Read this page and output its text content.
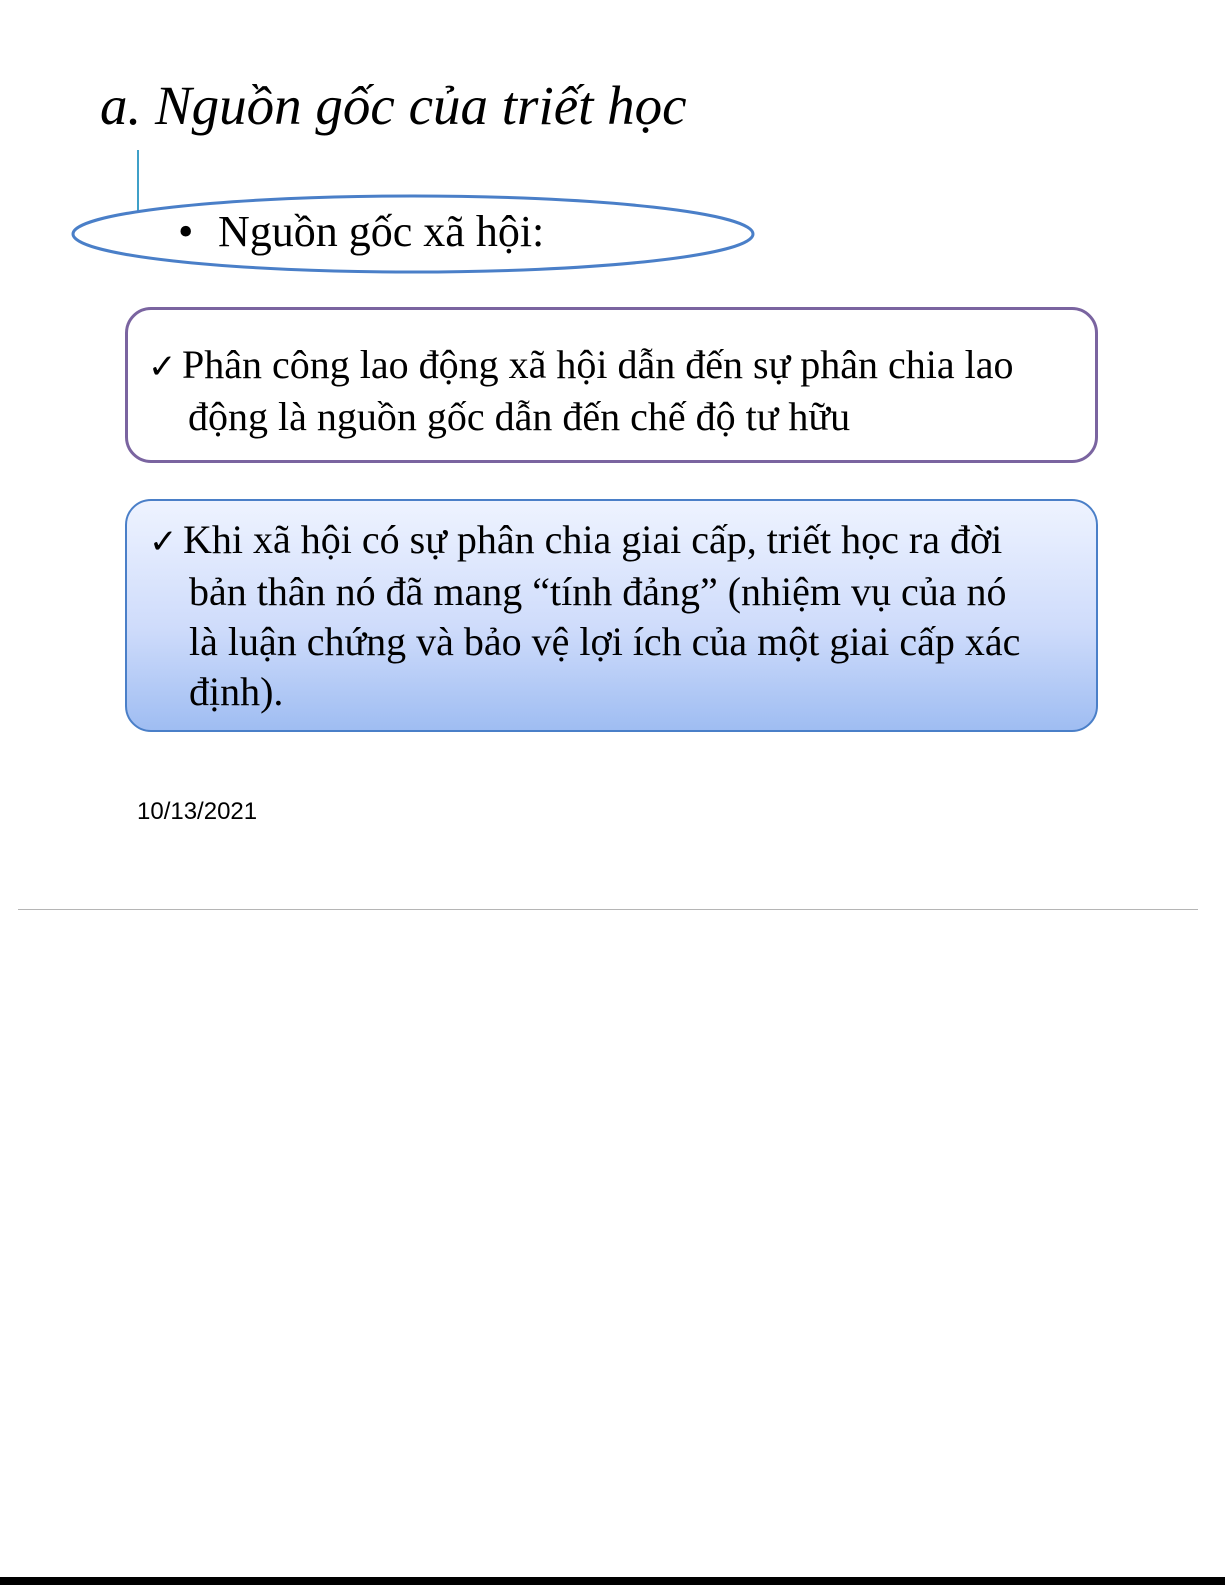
a. Nguồn gốc của triết học
• Nguồn gốc xã hội:
✓ Phân công lao động xã hội dẫn đến sự phân chia lao
động là nguồn gốc dẫn đến chế độ tư hữu
✓ Khi xã hội có sự phân chia giai cấp, triết học ra đời
bản thân nó đã mang “tính đảng” (nhiệm vụ của nó
là luận chứng và bảo vệ lợi ích của một giai cấp xác
định).
10/13/2021
